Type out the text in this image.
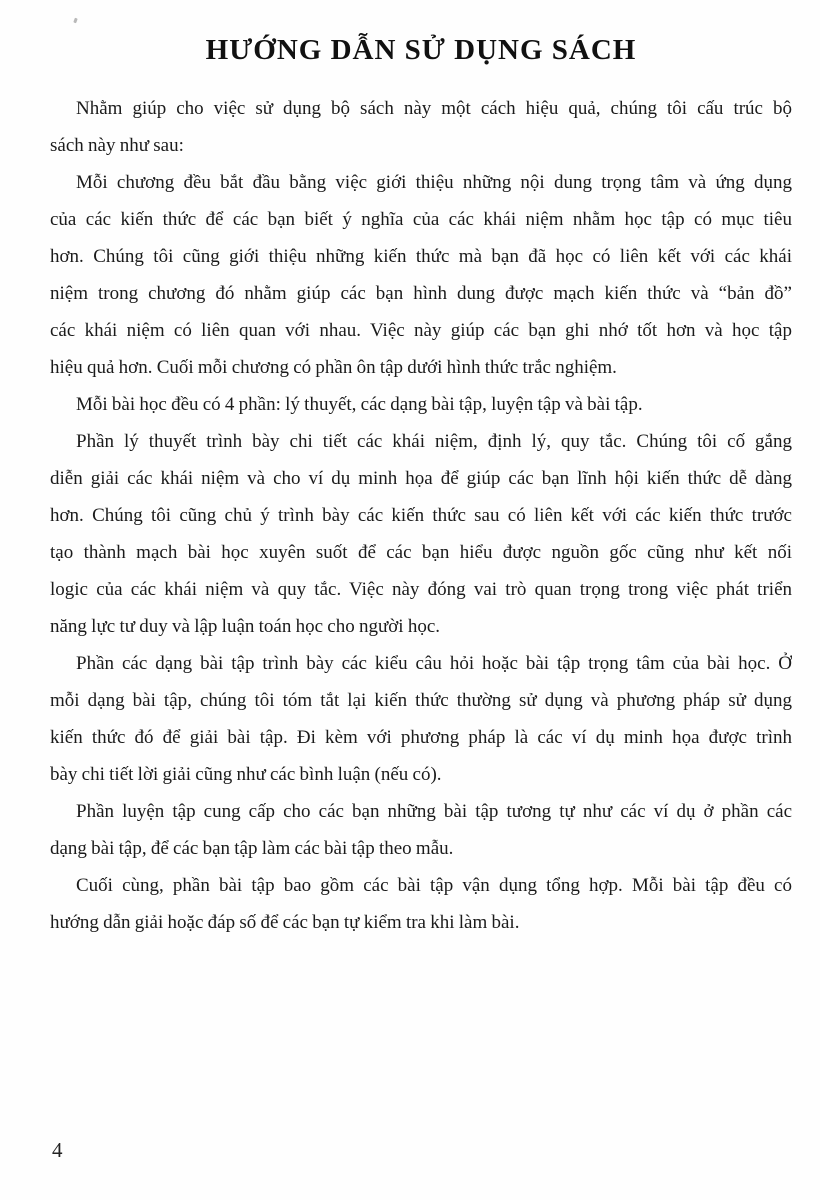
HƯỚNG DẪN SỬ DỤNG SÁCH
Nhằm giúp cho việc sử dụng bộ sách này một cách hiệu quả, chúng tôi cấu trúc bộ
sách này như sau:
Mỗi chương đều bắt đầu bằng việc giới thiệu những nội dung trọng tâm và ứng dụng
của các kiến thức để các bạn biết ý nghĩa của các khái niệm nhằm học tập có mục tiêu
hơn. Chúng tôi cũng giới thiệu những kiến thức mà bạn đã học có liên kết với các khái
niệm trong chương đó nhằm giúp các bạn hình dung được mạch kiến thức và “bản đồ”
các khái niệm có liên quan với nhau. Việc này giúp các bạn ghi nhớ tốt hơn và học tập
hiệu quả hơn. Cuối mỗi chương có phần ôn tập dưới hình thức trắc nghiệm.
Mỗi bài học đều có 4 phần: lý thuyết, các dạng bài tập, luyện tập và bài tập.
Phần lý thuyết trình bày chi tiết các khái niệm, định lý, quy tắc. Chúng tôi cố gắng
diễn giải các khái niệm và cho ví dụ minh họa để giúp các bạn lĩnh hội kiến thức dễ dàng
hơn. Chúng tôi cũng chủ ý trình bày các kiến thức sau có liên kết với các kiến thức trước
tạo thành mạch bài học xuyên suốt để các bạn hiểu được nguồn gốc cũng như kết nối
logic của các khái niệm và quy tắc. Việc này đóng vai trò quan trọng trong việc phát triển
năng lực tư duy và lập luận toán học cho người học.
Phần các dạng bài tập trình bày các kiểu câu hỏi hoặc bài tập trọng tâm của bài học. Ở
mỗi dạng bài tập, chúng tôi tóm tắt lại kiến thức thường sử dụng và phương pháp sử dụng
kiến thức đó để giải bài tập. Đi kèm với phương pháp là các ví dụ minh họa được trình
bày chi tiết lời giải cũng như các bình luận (nếu có).
Phần luyện tập cung cấp cho các bạn những bài tập tương tự như các ví dụ ở phần các
dạng bài tập, để các bạn tập làm các bài tập theo mẫu.
Cuối cùng, phần bài tập bao gồm các bài tập vận dụng tổng hợp. Mỗi bài tập đều có
hướng dẫn giải hoặc đáp số để các bạn tự kiểm tra khi làm bài.
4
